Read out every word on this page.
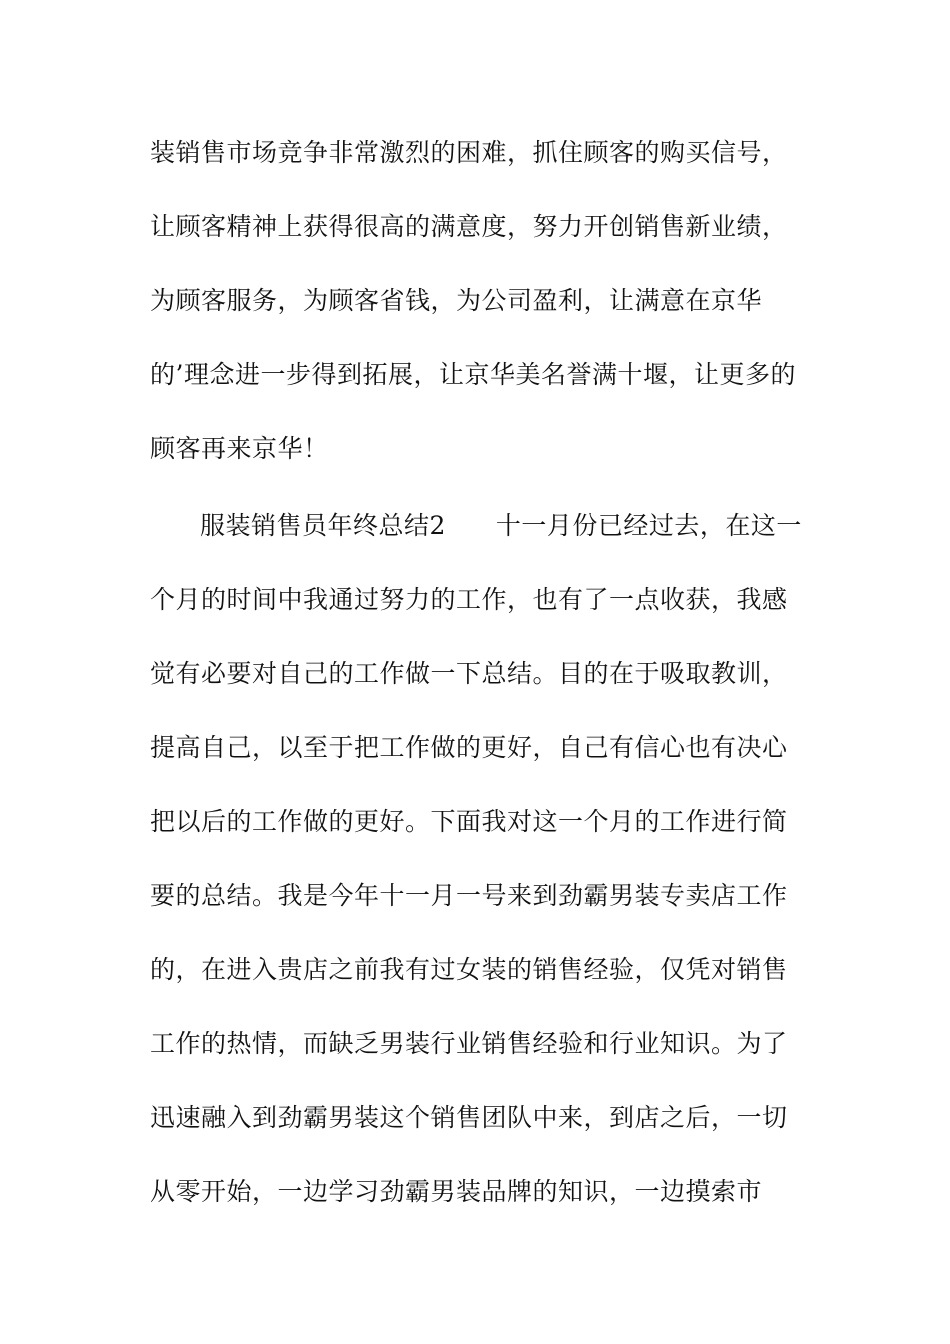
装销售市场竞争非常激烈的困难，抓住顾客的购买信号，
让顾客精神上获得很高的满意度，努力开创销售新业绩，
为顾客服务，为顾客省钱，为公司盈利，让满意在京华
的’理念进一步得到拓展，让京华美名誉满十堰，让更多的
顾客再来京华！
服装销售员年终总结2 十一月份已经过去，在这一
个月的时间中我通过努力的工作，也有了一点收获，我感
觉有必要对自己的工作做一下总结。目的在于吸取教训，
提高自己，以至于把工作做的更好，自己有信心也有决心
把以后的工作做的更好。下面我对这一个月的工作进行简
要的总结。我是今年十一月一号来到劲霸男装专卖店工作
的，在进入贵店之前我有过女装的销售经验，仅凭对销售
工作的热情，而缺乏男装行业销售经验和行业知识。为了
迅速融入到劲霸男装这个销售团队中来，到店之后，一切
从零开始，一边学习劲霸男装品牌的知识，一边摸索市
